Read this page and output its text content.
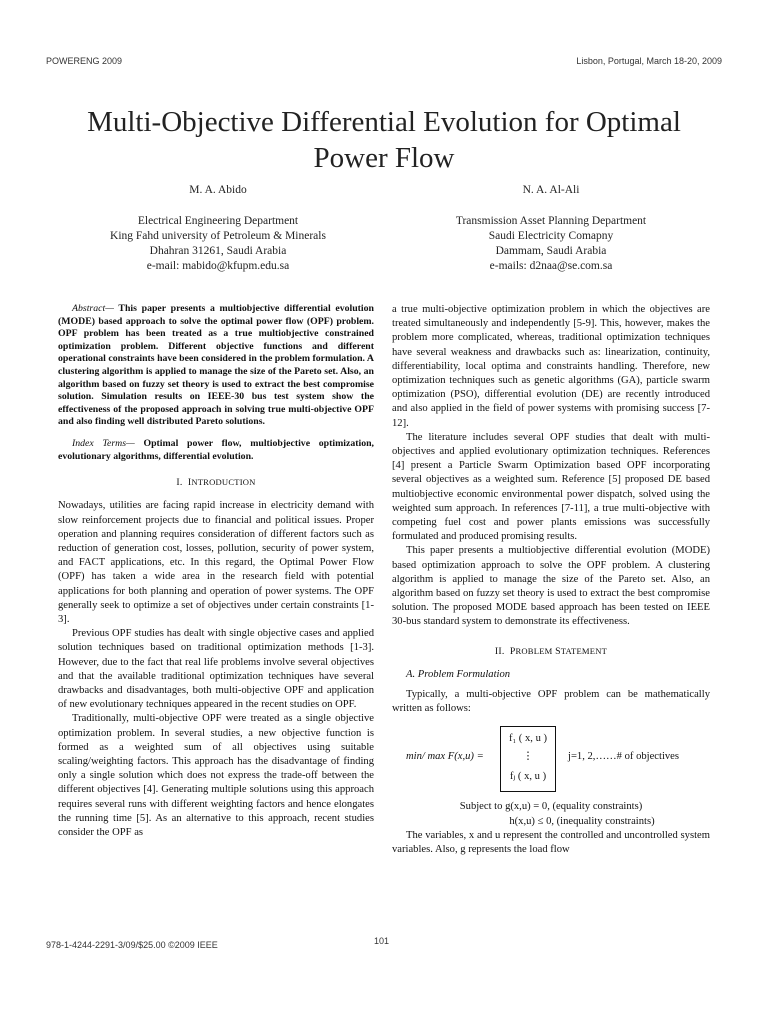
POWERENG 2009	Lisbon, Portugal, March 18-20, 2009
Multi-Objective Differential Evolution for Optimal
Power Flow
M. A. Abido
Electrical Engineering Department
King Fahd university of Petroleum & Minerals
Dhahran 31261, Saudi Arabia
e-mail: mabido@kfupm.edu.sa
N. A. Al-Ali
Transmission Asset Planning Department
Saudi Electricity Comapny
Dammam, Saudi Arabia
e-mails: d2naa@se.com.sa

Abstract— This paper presents a multiobjective differential evolution (MODE) based approach to solve the optimal power flow (OPF) problem. OPF problem has been treated as a true multiobjective constrained optimization problem. Different objective functions and different operational constraints have been considered in the problem formulation. A clustering algorithm is applied to manage the size of the Pareto set. Also, an algorithm based on fuzzy set theory is used to extract the best compromise solution. Simulation results on IEEE-30 bus test system show the effectiveness of the proposed approach in solving true multi-objective OPF and also finding well distributed Pareto solutions.

Index Terms— Optimal power flow, multiobjective optimization, evolutionary algorithms, differential evolution.

I. INTRODUCTION

Nowadays, utilities are facing rapid increase in electricity demand with slow reinforcement projects due to financial and political issues. Proper operation and planning requires consideration of different factors such as reduction of generation cost, losses, pollution, security of power system, and FACT applications, etc. In this regard, the Optimal Power Flow (OPF) has taken a wide area in the research field with potential applications for both planning and operation of power systems. The OPF generally seek to optimize a set of objectives under certain constraints [1-3].

Previous OPF studies has dealt with single objective cases and applied solution techniques based on traditional optimization methods [1-3]. However, due to the fact that real life problems involve several objectives and that the available traditional optimization techniques have several drawbacks and disadvantages, both multi-objective OPF and application of new evolutionary techniques appeared in the recent studies on OPF.

Traditionally, multi-objective OPF were treated as a single objective optimization problem. In several studies, a new objective function is formed as a weighted sum of all objectives using suitable scaling/weighting factors. This approach has the disadvantage of finding only a single solution which does not express the trade-off between the different objectives [4]. Generating multiple solutions using this approach requires several runs with different weighting factors and hence elongates the running time [5]. As an alternative to this approach, recent studies consider the OPF as

a true multi-objective optimization problem in which the objectives are treated simultaneously and independently [5-9]. This, however, makes the problem more complicated, whereas, traditional optimization techniques have several weakness and drawbacks such as: linearization, continuity, differentiability, local optima and constraints handling. Therefore, new optimization techniques such as genetic algorithms (GA), particle swarm optimization (PSO), differential evolution (DE) are recently introduced and also applied in the field of power systems with promising success [7-12].

The literature includes several OPF studies that dealt with multi-objectives and applied evolutionary optimization techniques. References [4] present a Particle Swarm Optimization based OPF incorporating several objectives as a weighted sum. Reference [5] proposed DE based multiobjective economic environmental power dispatch, solved using the weighted sum approach. In references [7-11], a true multi-objective with competing fuel cost and power plants emissions was successfully formulated and produced promising results.

This paper presents a multiobjective differential evolution (MODE) based optimization approach to solve the OPF problem. A clustering algorithm is applied to manage the size of the Pareto set. Also, an algorithm based on fuzzy set theory is used to extract the best compromise solution. The proposed MODE based approach has been tested on IEEE 30-bus standard system to demonstrate its effectiveness.

II. PROBLEM STATEMENT
A. Problem Formulation

Typically, a multi-objective OPF problem can be mathematically written as follows:

min/ max F(x,u) =
f₁ ( x, u )
⋮
fⱼ ( x, u )
j=1, 2,……# of objectives
Subject to g(x,u) = 0, (equality constraints)
h(x,u) ≤ 0, (inequality constraints)

The variables, x and u represent the controlled and uncontrolled system variables. Also, g represents the load flow

978-1-4244-2291-3/09/$25.00 ©2009 IEEE	101
